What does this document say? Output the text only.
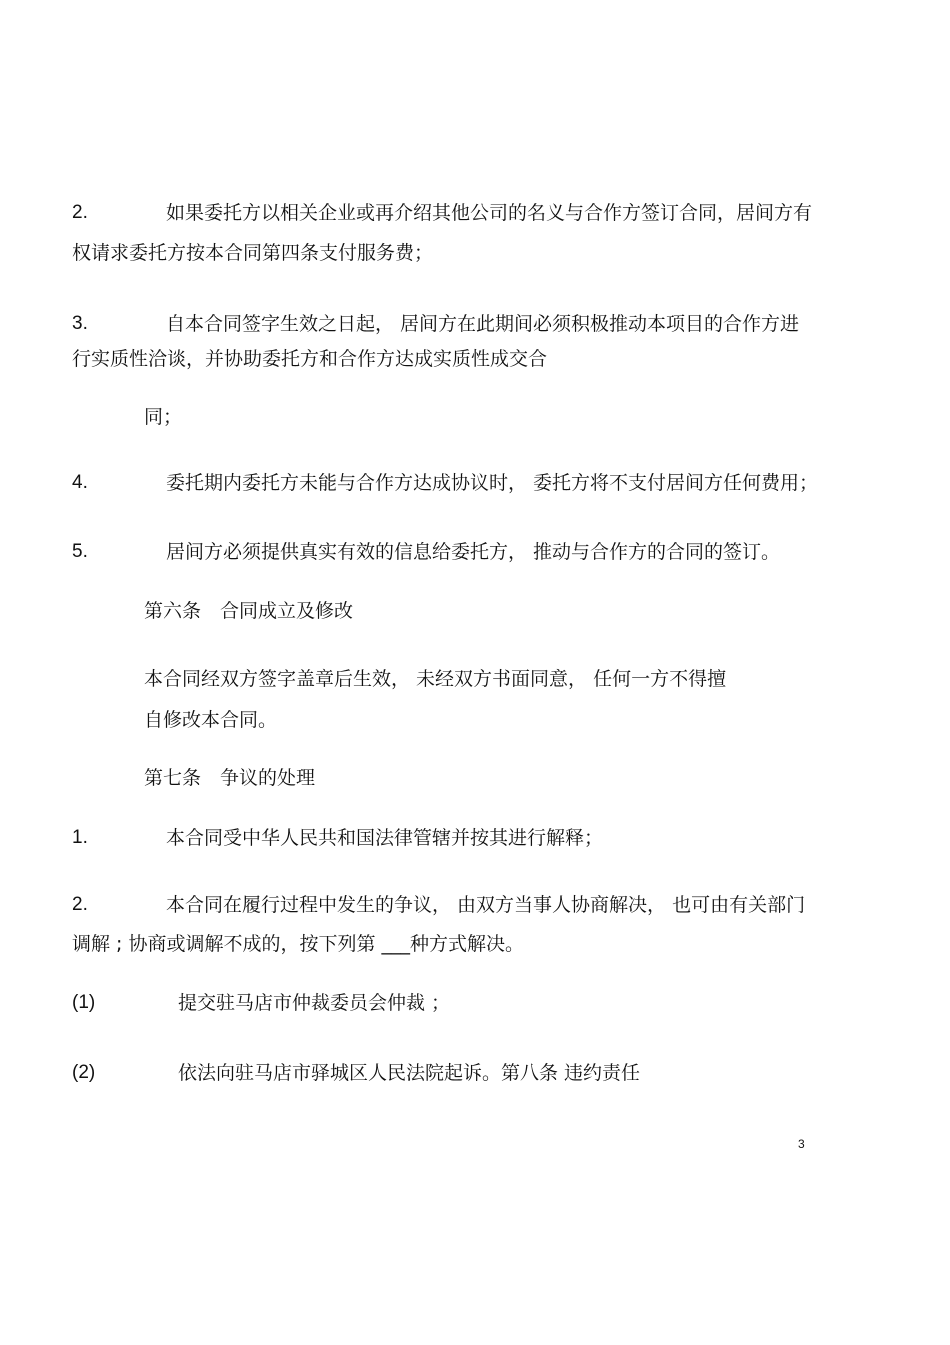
2.	如果委托方以相关企业或再介绍其他公司的名义与合作方签订合同，居间方有
权请求委托方按本合同第四条支付服务费；
3.	自本合同签字生效之日起， 居间方在此期间必须积极推动本项目的合作方进
行实质性洽谈，并协助委托方和合作方达成实质性成交合
同；
4.	委托期内委托方未能与合作方达成协议时， 委托方将不支付居间方任何费用；
5.	居间方必须提供真实有效的信息给委托方， 推动与合作方的合同的签订。
第六条　合同成立及修改
本合同经双方签字盖章后生效， 未经双方书面同意， 任何一方不得擅
自修改本合同。
第七条　争议的处理
1.	本合同受中华人民共和国法律管辖并按其进行解释；
2.	本合同在履行过程中发生的争议， 由双方当事人协商解决， 也可由有关部门
调解 ; 协商或调解不成的，按下列第 ___种方式解决。
(1)	提交驻马店市仲裁委员会仲裁 ；
(2)	依法向驻马店市驿城区人民法院起诉。第八条 违约责任
3
